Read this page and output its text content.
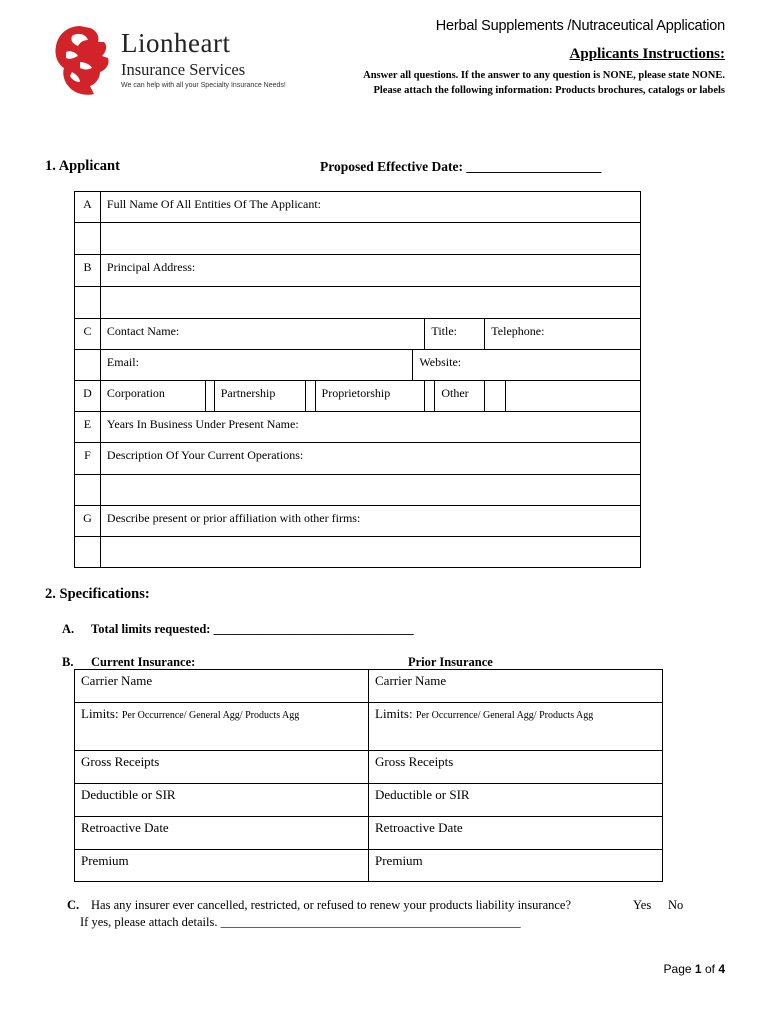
Lionheart
Insurance Services
We can help with all your Specialty Insurance Needs!
Herbal Supplements /Nutraceutical Application
Applicants Instructions:
Answer all questions. If the answer to any question is NONE, please state NONE.
Please attach the following information: Products brochures, catalogs or labels
1. Applicant	Proposed Effective Date: ____________________
A	Full Name Of All Entities Of The Applicant:									

B	Principal Address:									

C	Contact Name:						Title:		Telephone:	

	Email:					Website:				

D	Corporation		Partnership		Proprietorship			Other		

E	Years In Business Under Present Name:									

F	Description Of Your Current Operations:									

G	Describe present or prior affiliation with other firms:									

2. Specifications:
A. Total limits requested: ________________________________
B. Current Insurance:	Prior Insurance
Carrier Name	Carrier Name
Limits: Per Occurrence/ General Agg/ Products Agg	Limits: Per Occurrence/ General Agg/ Products Agg
Gross Receipts	Gross Receipts
Deductible or SIR	Deductible or SIR
Retroactive Date	Retroactive Date
Premium	Premium
C. Has any insurer ever cancelled, restricted, or refused to renew your products liability insurance?	Yes No
If yes, please attach details. ________________________________________________
Page 1 of 4
